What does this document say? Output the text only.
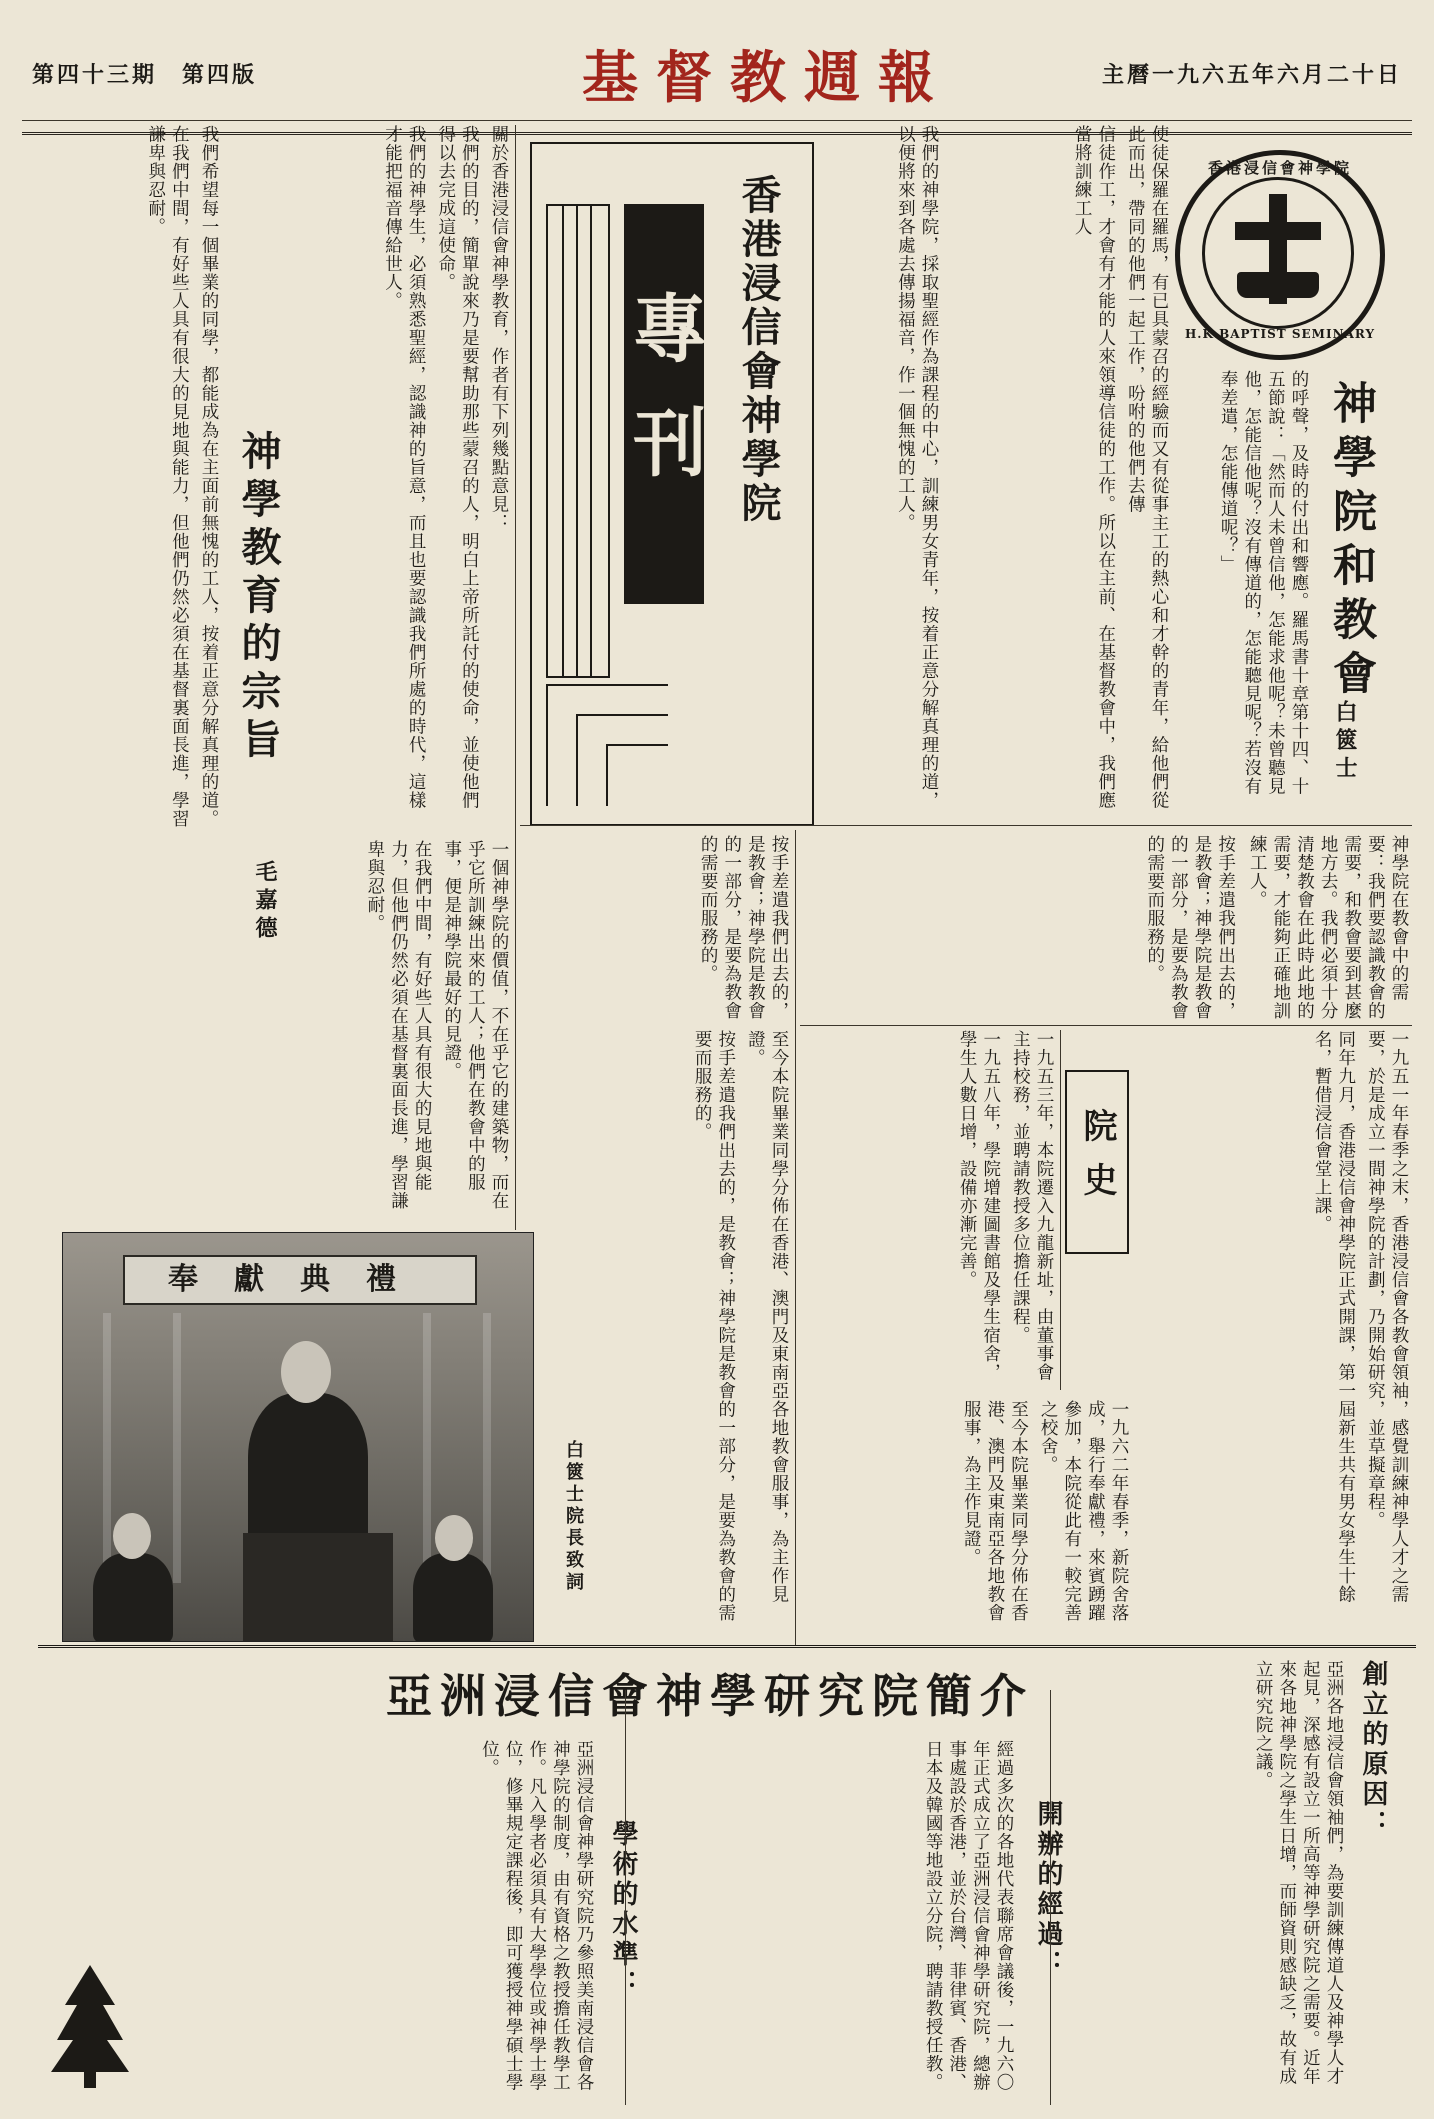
第四十三期　第四版	基督教週報	主曆一九六五年六月二十日
香港浸信會神學院
H.K.BAPTIST SEMINARY
神學院和教會
白篋士

使徒保羅在羅馬，有已具蒙召的經驗而又有從事主工的熱心和才幹的青年，給他們從此而出，帶同的他們一起工作，吩咐的他們去傳

信徒作工，才會有才能的人來領導信徒的工作。所以在主前、在基督教會中，我們應當將訓練工人

的呼聲，及時的付出和響應。羅馬書十章第十四、十五節說：「然而人未曾信他，怎能求他呢？未曾聽見他，怎能信他呢？沒有傳道的，怎能聽見呢？若沒有奉差遣，怎能傳道呢？」

我們的神學院，採取聖經作為課程的中心，訓練男女青年，按着正意分解真理的道，以便將來到各處去傳揚福音，作一個無愧的工人。

神學院在教會中的需要：我們要認識教會的需要，和教會要到甚麼地方去。我們必須十分清楚教會在此時此地的需要，才能夠正確地訓練工人。

按手差遣我們出去的，是教會；神學院是教會的一部分，是要為教會的需要而服務的。

按手差遣我們出去的，是教會；神學院是教會的一部分，是要為教會的需要而服務的。

專刊 香港浸信會神學院
神學教育的宗旨
毛嘉德

關於香港浸信會神學教育，作者有下列幾點意見：

我們的目的，簡單說來乃是要幫助那些蒙召的人，明白上帝所託付的使命，並使他們得以去完成這使命。

我們的神學生，必須熟悉聖經，認識神的旨意，而且也要認識我們所處的時代，這樣才能把福音傳給世人。

我們希望每一個畢業的同學，都能成為在主面前無愧的工人，按着正意分解真理的道。

在我們中間，有好些人具有很大的見地與能力，但他們仍然必須在基督裏面長進，學習謙卑與忍耐。

一個神學院的價值，不在乎它的建築物，而在乎它所訓練出來的工人；他們在教會中的服事，便是神學院最好的見證。

在我們中間，有好些人具有很大的見地與能力，但他們仍然必須在基督裏面長進，學習謙卑與忍耐。

院史	一九五一年春季之末，香港浸信會各教會領袖，感覺訓練神學人才之需要，於是成立一間神學院的計劃，乃開始研究，並草擬章程。

同年九月，香港浸信會神學院正式開課，第一屆新生共有男女學生十餘名，暫借浸信會堂上課。

一九五三年，本院遷入九龍新址，由董事會主持校務，並聘請教授多位擔任課程。

一九五八年，學院增建圖書館及學生宿舍，學生人數日增，設備亦漸完善。

一九六二年春季，新院舍落成，舉行奉獻禮，來賓踴躍參加，本院從此有一較完善之校舍。

至今本院畢業同學分佈在香港、澳門及東南亞各地教會服事，為主作見證。

至今本院畢業同學分佈在香港、澳門及東南亞各地教會服事，為主作見證。

按手差遣我們出去的，是教會；神學院是教會的一部分，是要為教會的需要而服務的。

奉獻典禮
白篋士院長致詞
亞洲浸信會神學研究院簡介	創立的原因：
亞洲各地浸信會領袖們，為要訓練傳道人及神學人才起見，深感有設立一所高等神學研究院之需要。近年來各地神學院之學生日增，而師資則感缺乏，故有成立研究院之議。
開辦的經過：
經過多次的各地代表聯席會議後，一九六〇年正式成立了亞洲浸信會神學研究院，總辦事處設於香港，並於台灣、菲律賓、香港、日本及韓國等地設立分院，聘請教授任教。
學術的水準：
亞洲浸信會神學研究院乃參照美南浸信會各神學院的制度，由有資格之教授擔任教學工作。凡入學者必須具有大學學位或神學士學位，修畢規定課程後，即可獲授神學碩士學位。
